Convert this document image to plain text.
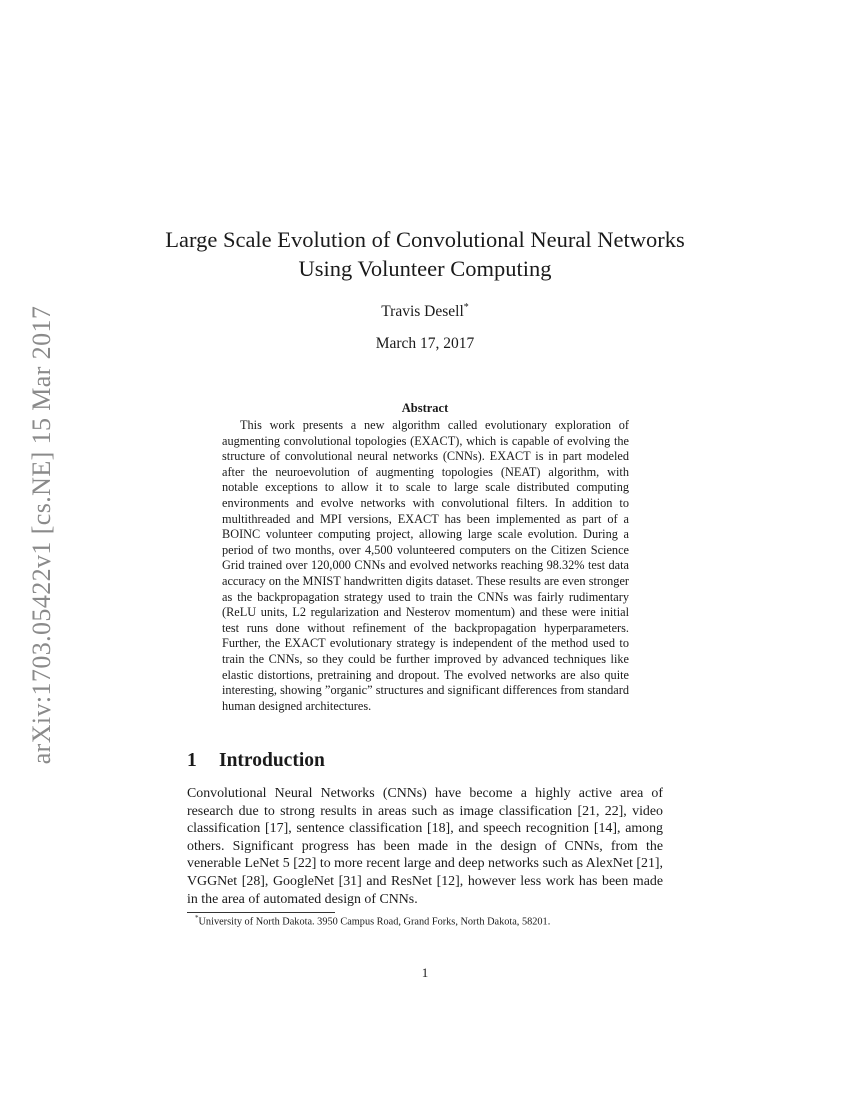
arXiv:1703.05422v1 [cs.NE] 15 Mar 2017
Large Scale Evolution of Convolutional Neural Networks Using Volunteer Computing
Travis Desell*
March 17, 2017
Abstract

This work presents a new algorithm called evolutionary exploration of augmenting convolutional topologies (EXACT), which is capable of evolving the structure of convolutional neural networks (CNNs). EXACT is in part modeled after the neuroevolution of augmenting topologies (NEAT) algorithm, with notable exceptions to allow it to scale to large scale distributed computing environments and evolve networks with convolutional filters. In addition to multithreaded and MPI versions, EXACT has been implemented as part of a BOINC volunteer computing project, allowing large scale evolution. During a period of two months, over 4,500 volunteered computers on the Citizen Science Grid trained over 120,000 CNNs and evolved networks reaching 98.32% test data accuracy on the MNIST handwritten digits dataset. These results are even stronger as the backpropagation strategy used to train the CNNs was fairly rudimentary (ReLU units, L2 regularization and Nesterov momentum) and these were initial test runs done without refinement of the backpropagation hyperparameters. Further, the EXACT evolutionary strategy is independent of the method used to train the CNNs, so they could be further improved by advanced techniques like elastic distortions, pretraining and dropout. The evolved networks are also quite interesting, showing ”organic” structures and significant differences from standard human designed architectures.

1 Introduction

Convolutional Neural Networks (CNNs) have become a highly active area of research due to strong results in areas such as image classification [21, 22], video classification [17], sentence classification [18], and speech recognition [14], among others. Significant progress has been made in the design of CNNs, from the venerable LeNet 5 [22] to more recent large and deep networks such as AlexNet [21], VGGNet [28], GoogleNet [31] and ResNet [12], however less work has been made in the area of automated design of CNNs.

*University of North Dakota. 3950 Campus Road, Grand Forks, North Dakota, 58201.
1
